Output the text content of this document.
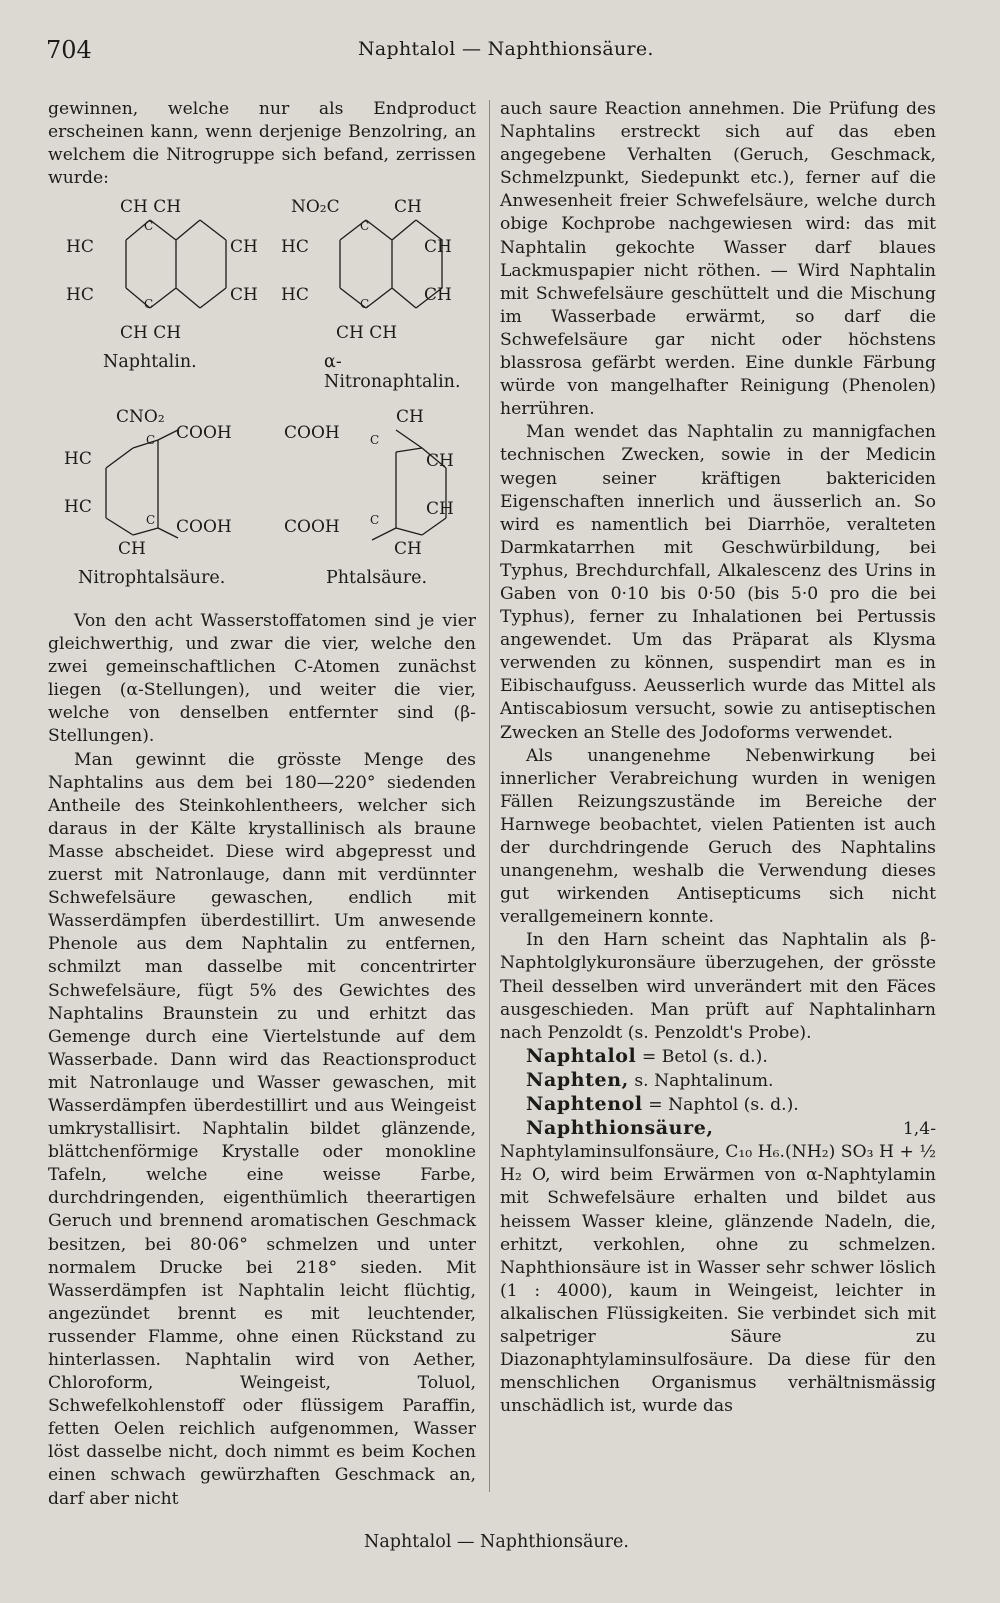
704	Naphtalol — Naphthionsäure.

gewinnen, welche nur als Endproduct erscheinen kann, wenn derjenige Benzolring, an welchem die Nitrogruppe sich befand, zerrissen wurde:

CH CH
HC	CH
HC	CH
C
C
CH CH
NO₂C	CH
HC	CH
HC	CH
C
C
CH CH
CNO₂
C COOH
HC
HC
C COOH
CH
CH
COOH	C
CH
CH
COOH	C
CH
Naphtalin.	α-Nitronaphtalin.
Nitrophtalsäure.	Phtalsäure.

Von den acht Wasserstoffatomen sind je vier gleichwerthig, und zwar die vier, welche den zwei gemeinschaftlichen C-Atomen zunächst liegen (α-Stellungen), und weiter die vier, welche von denselben entfernter sind (β-Stellungen).

Man gewinnt die grösste Menge des Naphtalins aus dem bei 180—220° siedenden Antheile des Steinkohlentheers, welcher sich daraus in der Kälte krystallinisch als braune Masse abscheidet. Diese wird abgepresst und zuerst mit Natronlauge, dann mit verdünnter Schwefelsäure gewaschen, endlich mit Wasserdämpfen überdestillirt. Um anwesende Phenole aus dem Naphtalin zu entfernen, schmilzt man dasselbe mit concentrirter Schwefelsäure, fügt 5% des Gewichtes des Naphtalins Braunstein zu und erhitzt das Gemenge durch eine Viertelstunde auf dem Wasserbade. Dann wird das Reactionsproduct mit Natronlauge und Wasser gewaschen, mit Wasserdämpfen überdestillirt und aus Weingeist umkrystallisirt. Naphtalin bildet glänzende, blättchenförmige Krystalle oder monokline Tafeln, welche eine weisse Farbe, durchdringenden, eigenthümlich theerartigen Geruch und brennend aromatischen Geschmack besitzen, bei 80·06° schmelzen und unter normalem Drucke bei 218° sieden. Mit Wasserdämpfen ist Naphtalin leicht flüchtig, angezündet brennt es mit leuchtender, russender Flamme, ohne einen Rückstand zu hinterlassen. Naphtalin wird von Aether, Chloroform, Weingeist, Toluol, Schwefelkohlenstoff oder flüssigem Paraffin, fetten Oelen reichlich aufgenommen, Wasser löst dasselbe nicht, doch nimmt es beim Kochen einen schwach gewürzhaften Geschmack an, darf aber nicht

auch saure Reaction annehmen. Die Prüfung des Naphtalins erstreckt sich auf das eben angegebene Verhalten (Geruch, Geschmack, Schmelzpunkt, Siedepunkt etc.), ferner auf die Anwesenheit freier Schwefelsäure, welche durch obige Kochprobe nachgewiesen wird: das mit Naphtalin gekochte Wasser darf blaues Lackmuspapier nicht röthen. — Wird Naphtalin mit Schwefelsäure geschüttelt und die Mischung im Wasserbade erwärmt, so darf die Schwefelsäure gar nicht oder höchstens blassrosa gefärbt werden. Eine dunkle Färbung würde von mangelhafter Reinigung (Phenolen) herrühren.

Man wendet das Naphtalin zu mannigfachen technischen Zwecken, sowie in der Medicin wegen seiner kräftigen baktericiden Eigenschaften innerlich und äusserlich an. So wird es namentlich bei Diarrhöe, veralteten Darmkatarrhen mit Geschwürbildung, bei Typhus, Brechdurchfall, Alkalescenz des Urins in Gaben von 0·10 bis 0·50 (bis 5·0 pro die bei Typhus), ferner zu Inhalationen bei Pertussis angewendet. Um das Präparat als Klysma verwenden zu können, suspendirt man es in Eibischaufguss. Aeusserlich wurde das Mittel als Antiscabiosum versucht, sowie zu antiseptischen Zwecken an Stelle des Jodoforms verwendet.

Als unangenehme Nebenwirkung bei innerlicher Verabreichung wurden in wenigen Fällen Reizungszustände im Bereiche der Harnwege beobachtet, vielen Patienten ist auch der durchdringende Geruch des Naphtalins unangenehm, weshalb die Verwendung dieses gut wirkenden Antisepticums sich nicht verallgemeinern konnte.

In den Harn scheint das Naphtalin als β-Naphtolglykuronsäure überzugehen, der grösste Theil desselben wird unverändert mit den Fäces ausgeschieden. Man prüft auf Naphtalinharn nach Penzoldt (s. Penzoldt's Probe).

Naphtalol = Betol (s. d.).

Naphten, s. Naphtalinum.

Naphtenol = Naphtol (s. d.).

Naphthionsäure, 1,4-Naphtylaminsulfonsäure, C₁₀ H₆.(NH₂) SO₃ H + ½ H₂ O, wird beim Erwärmen von α-Naphtylamin mit Schwefelsäure erhalten und bildet aus heissem Wasser kleine, glänzende Nadeln, die, erhitzt, verkohlen, ohne zu schmelzen. Naphthionsäure ist in Wasser sehr schwer löslich (1 : 4000), kaum in Weingeist, leichter in alkalischen Flüssigkeiten. Sie verbindet sich mit salpetriger Säure zu Diazonaphtylaminsulfosäure. Da diese für den menschlichen Organismus verhältnismässig unschädlich ist, wurde das

Naphtalol — Naphthionsäure.
